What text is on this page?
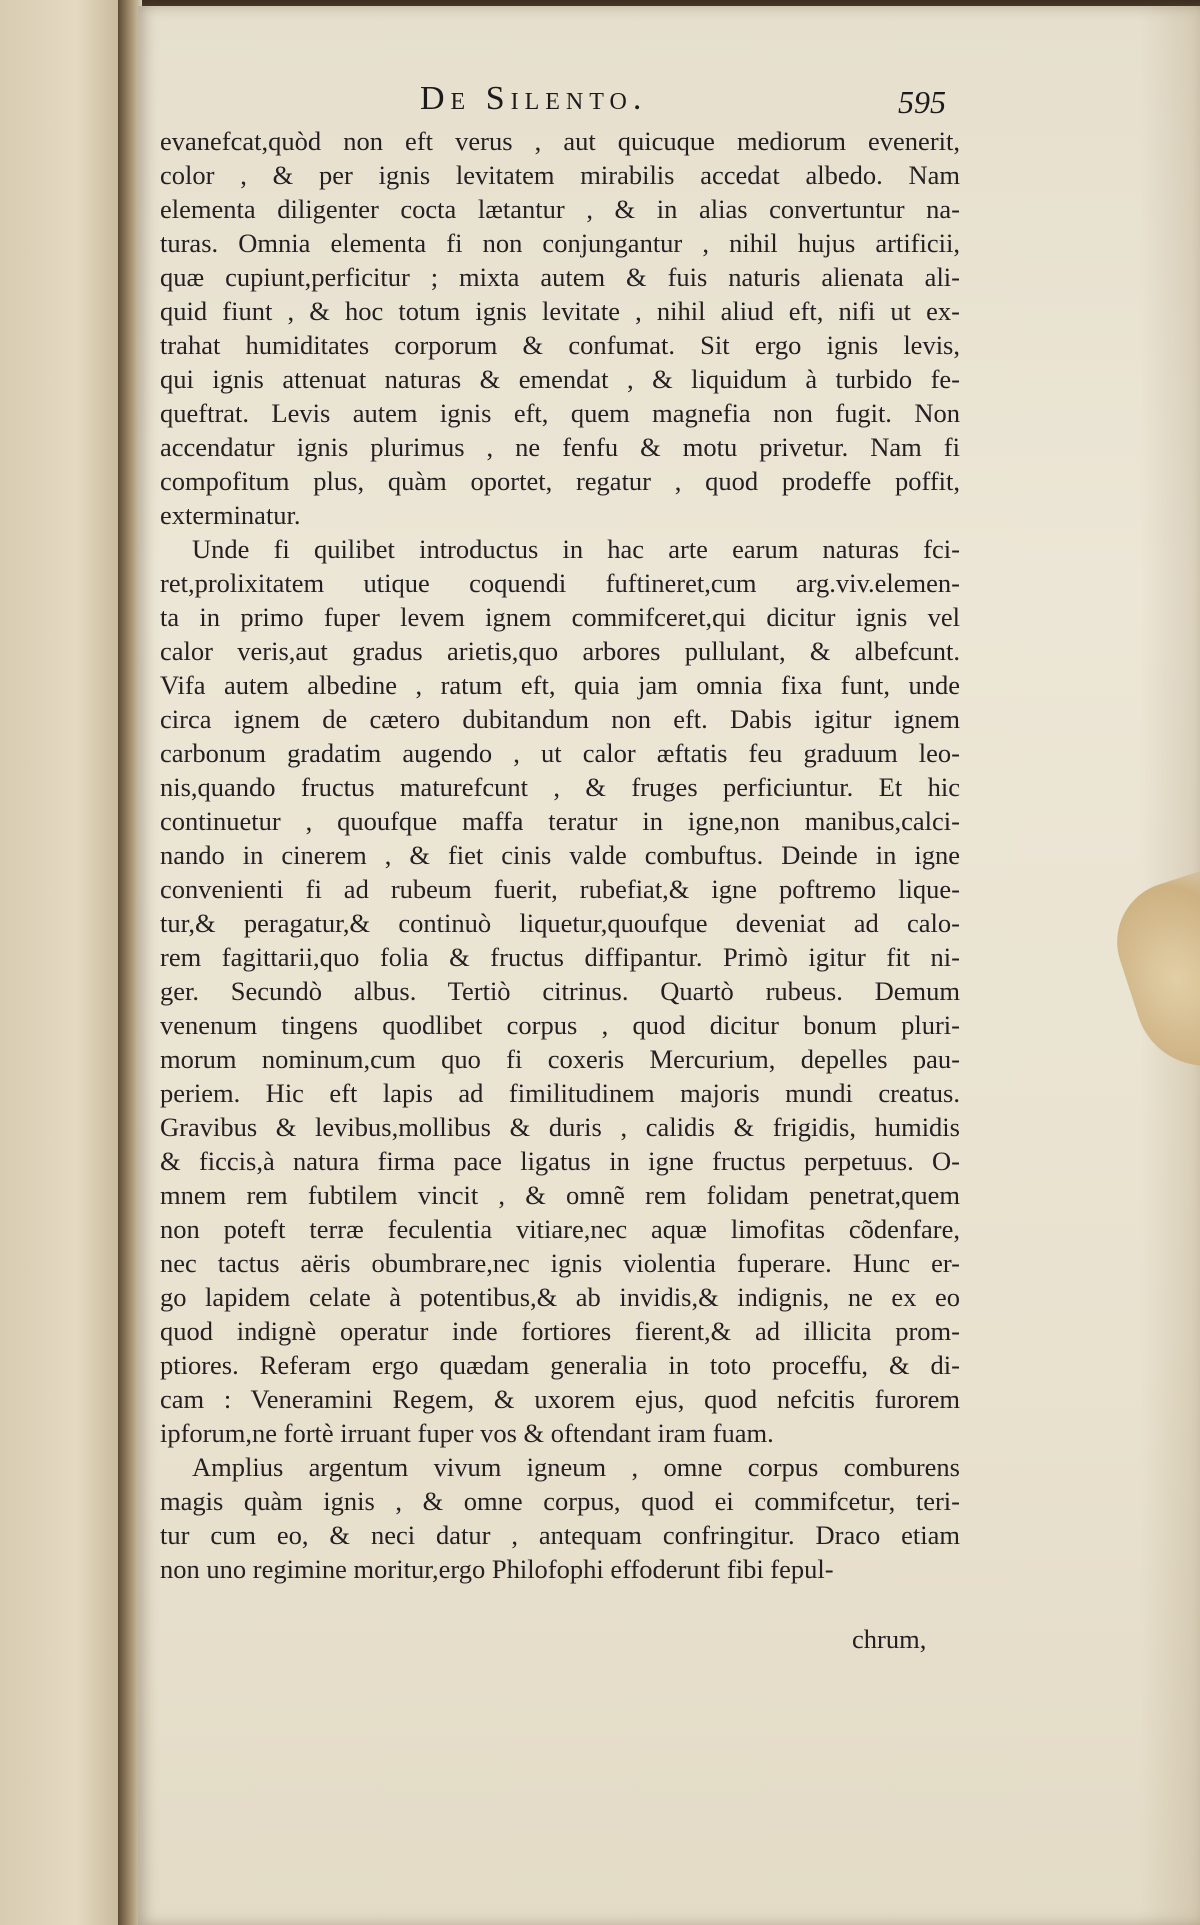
De Silento.	595
evanefcat,quòd non eft verus , aut quicuque mediorum evenerit,
color , & per ignis levitatem mirabilis accedat albedo. Nam
elementa diligenter cocta lætantur , & in alias convertuntur na-
turas. Omnia elementa fi non conjungantur , nihil hujus artificii,
quæ cupiunt,perficitur ; mixta autem & fuis naturis alienata ali-
quid fiunt , & hoc totum ignis levitate , nihil aliud eft, nifi ut ex-
trahat humiditates corporum & confumat. Sit ergo ignis levis,
qui ignis attenuat naturas & emendat , & liquidum à turbido fe-
queftrat. Levis autem ignis eft, quem magnefia non fugit. Non
accendatur ignis plurimus , ne fenfu & motu privetur. Nam fi
compofitum plus, quàm oportet, regatur , quod prodeffe poffit,
exterminatur.
Unde fi quilibet introductus in hac arte earum naturas fci-
ret,prolixitatem utique coquendi fuftineret,cum arg.viv.elemen-
ta in primo fuper levem ignem commifceret,qui dicitur ignis vel
calor veris,aut gradus arietis,quo arbores pullulant, & albefcunt.
Vifa autem albedine , ratum eft, quia jam omnia fixa funt, unde
circa ignem de cætero dubitandum non eft. Dabis igitur ignem
carbonum gradatim augendo , ut calor æftatis feu graduum leo-
nis,quando fructus maturefcunt , & fruges perficiuntur. Et hic
continuetur , quoufque maffa teratur in igne,non manibus,calci-
nando in cinerem , & fiet cinis valde combuftus. Deinde in igne
convenienti fi ad rubeum fuerit, rubefiat,& igne poftremo lique-
tur,& peragatur,& continuò liquetur,quoufque deveniat ad calo-
rem fagittarii,quo folia & fructus diffipantur. Primò igitur fit ni-
ger. Secundò albus. Tertiò citrinus. Quartò rubeus. Demum
venenum tingens quodlibet corpus , quod dicitur bonum pluri-
morum nominum,cum quo fi coxeris Mercurium, depelles pau-
periem. Hic eft lapis ad fimilitudinem majoris mundi creatus.
Gravibus & levibus,mollibus & duris , calidis & frigidis, humidis
& ficcis,à natura firma pace ligatus in igne fructus perpetuus. O-
mnem rem fubtilem vincit , & omnẽ rem folidam penetrat,quem
non poteft terræ feculentia vitiare,nec aquæ limofitas cõdenfare,
nec tactus aëris obumbrare,nec ignis violentia fuperare. Hunc er-
go lapidem celate à potentibus,& ab invidis,& indignis, ne ex eo
quod indignè operatur inde fortiores fierent,& ad illicita prom-
ptiores. Referam ergo quædam generalia in toto proceffu, & di-
cam : Veneramini Regem, & uxorem ejus, quod nefcitis furorem
ipforum,ne fortè irruant fuper vos & oftendant iram fuam.
Amplius argentum vivum igneum , omne corpus comburens
magis quàm ignis , & omne corpus, quod ei commifcetur, teri-
tur cum eo, & neci datur , antequam confringitur. Draco etiam
non uno regimine moritur,ergo Philofophi effoderunt fibi fepul-
chrum,
